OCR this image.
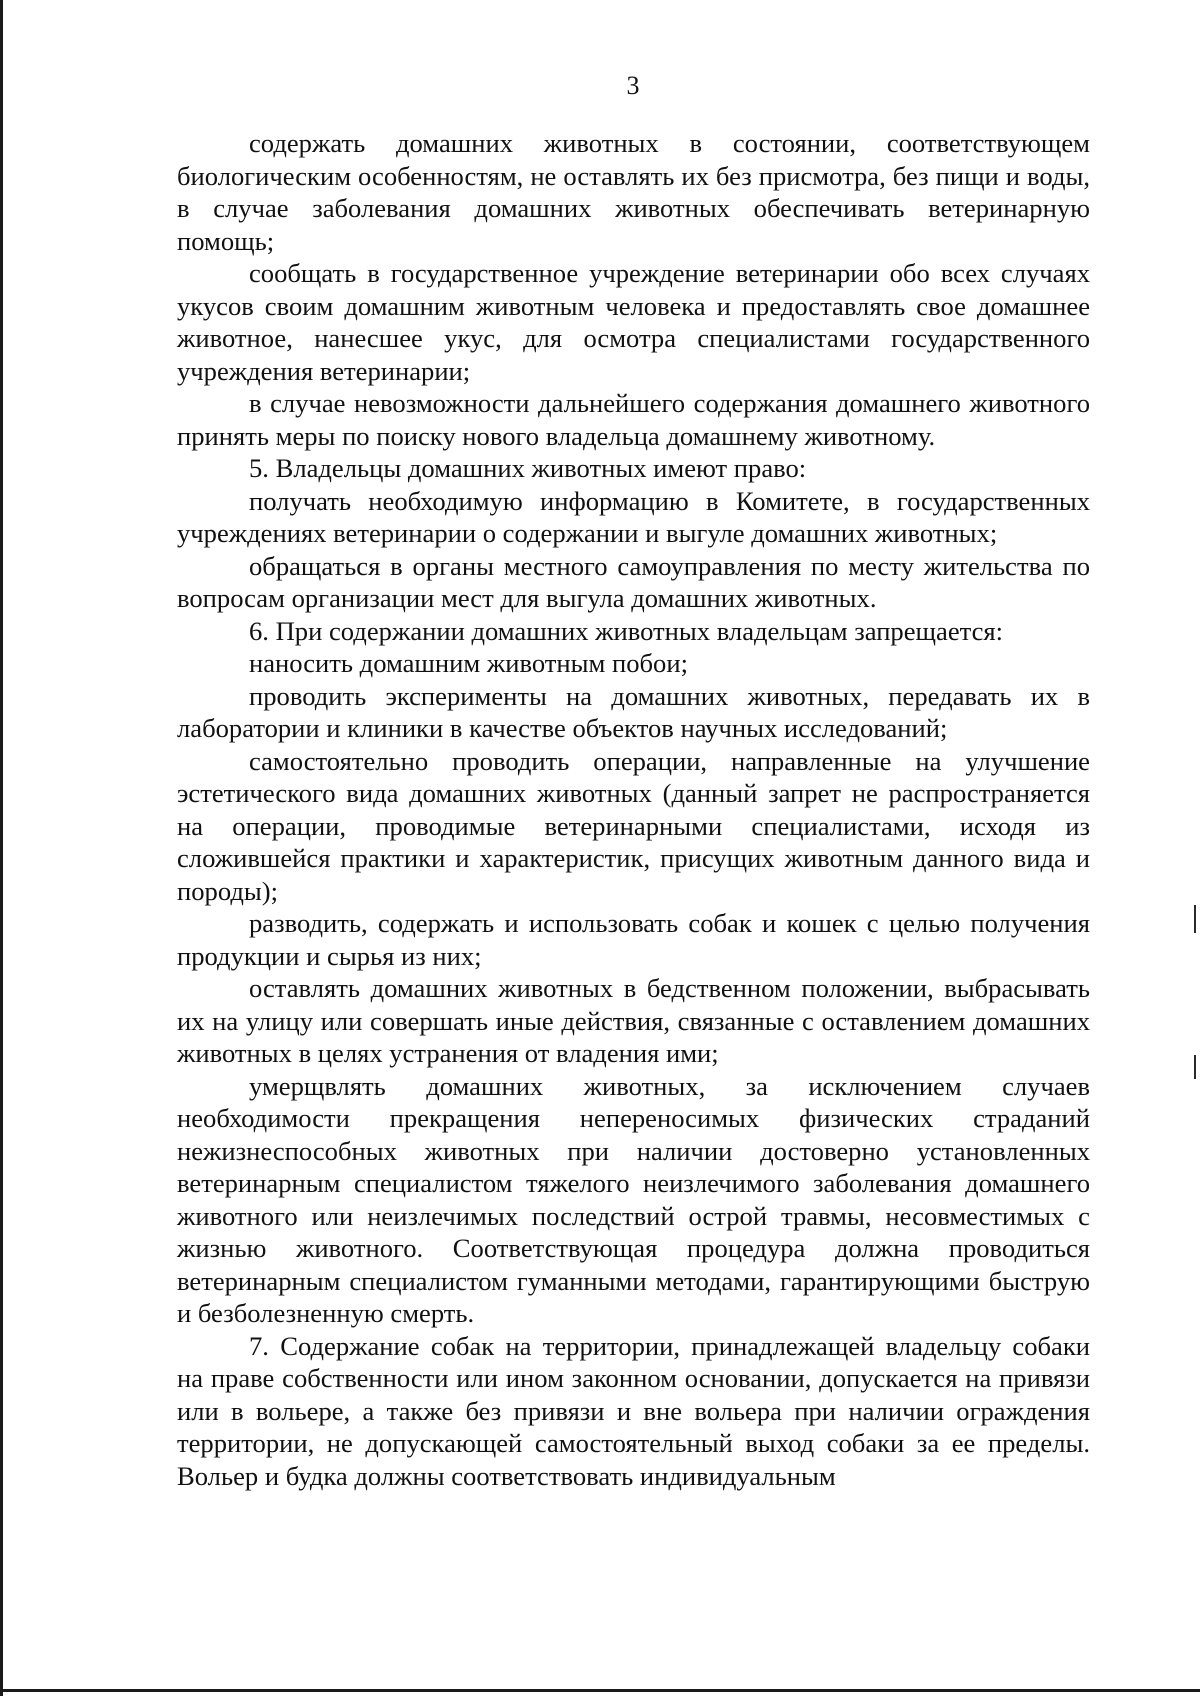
3

содержать домашних животных в состоянии, соответствующем биологическим особенностям, не оставлять их без присмотра, без пищи и воды, в случае заболевания домашних животных обеспечивать ветеринарную помощь;

сообщать в государственное учреждение ветеринарии обо всех случаях укусов своим домашним животным человека и предоставлять свое домашнее животное, нанесшее укус, для осмотра специалистами государственного учреждения ветеринарии;

в случае невозможности дальнейшего содержания домашнего животного принять меры по поиску нового владельца домашнему животному.

5. Владельцы домашних животных имеют право:

получать необходимую информацию в Комитете, в государственных учреждениях ветеринарии о содержании и выгуле домашних животных;

обращаться в органы местного самоуправления по месту жительства по вопросам организации мест для выгула домашних животных.

6. При содержании домашних животных владельцам запрещается:

наносить домашним животным побои;

проводить эксперименты на домашних животных, передавать их в лаборатории и клиники в качестве объектов научных исследований;

самостоятельно проводить операции, направленные на улучшение эстетического вида домашних животных (данный запрет не распространяется на операции, проводимые ветеринарными специалистами, исходя из сложившейся практики и характеристик, присущих животным данного вида и породы);

разводить, содержать и использовать собак и кошек с целью получения продукции и сырья из них;

оставлять домашних животных в бедственном положении, выбрасывать их на улицу или совершать иные действия, связанные с оставлением домашних животных в целях устранения от владения ими;

умерщвлять домашних животных, за исключением случаев необходимости прекращения непереносимых физических страданий нежизнеспособных животных при наличии достоверно установленных ветеринарным специалистом тяжелого неизлечимого заболевания домашнего животного или неизлечимых последствий острой травмы, несовместимых с жизнью животного. Соответствующая процедура должна проводиться ветеринарным специалистом гуманными методами, гарантирующими быструю и безболезненную смерть.

7. Содержание собак на территории, принадлежащей владельцу собаки на праве собственности или ином законном основании, допускается на привязи или в вольере, а также без привязи и вне вольера при наличии ограждения территории, не допускающей самостоятельный выход собаки за ее пределы. Вольер и будка должны соответствовать индивидуальным
